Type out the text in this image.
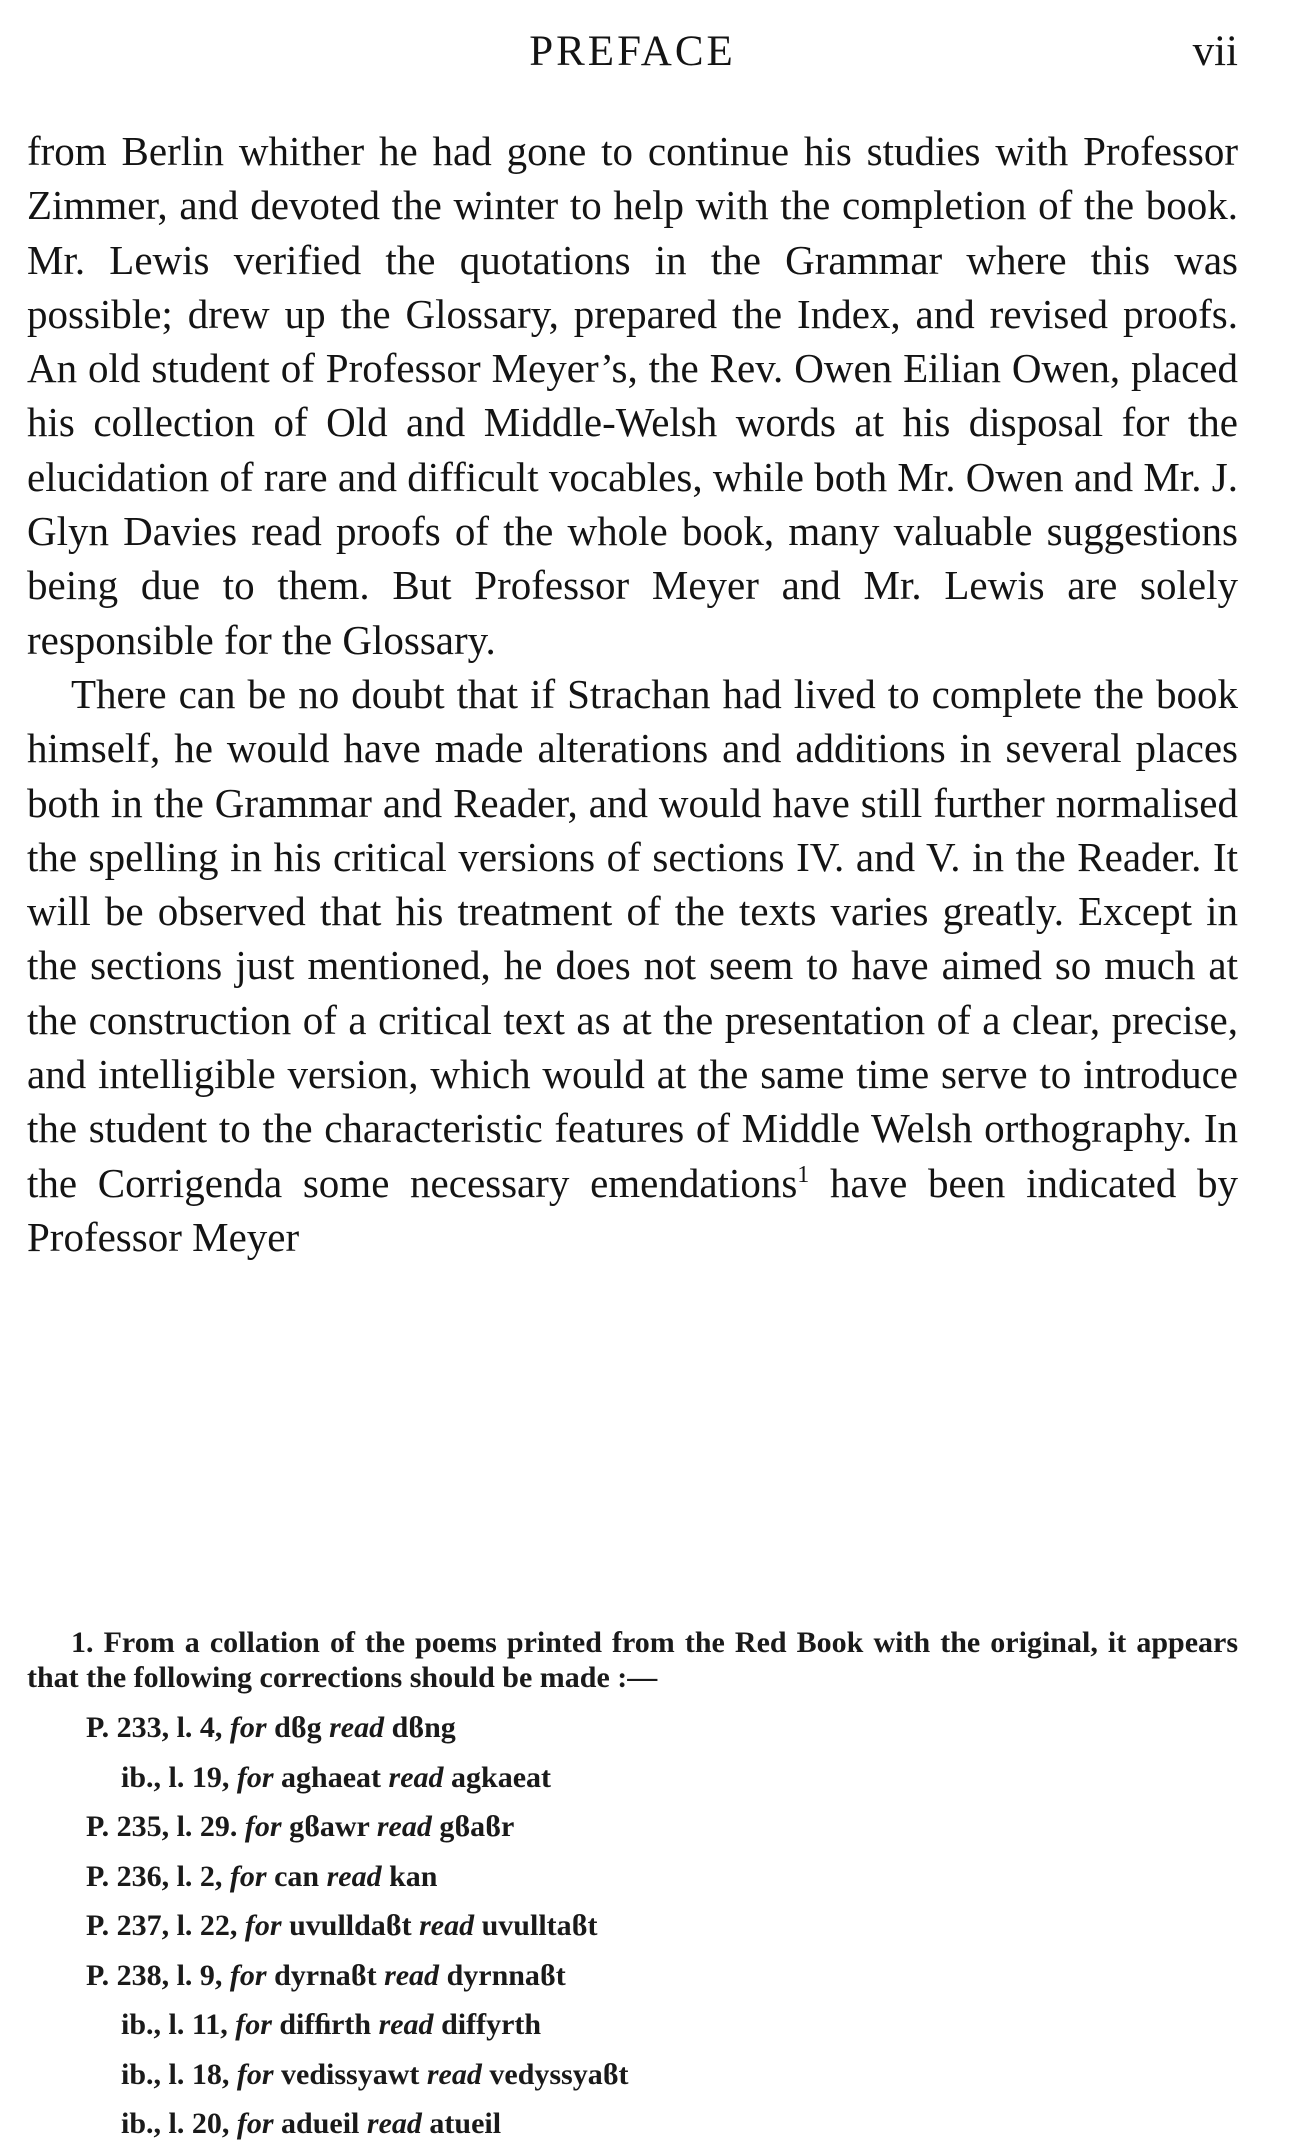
PREFACE	vii

from Berlin whither he had gone to continue his studies with Professor Zimmer, and devoted the winter to help with the completion of the book. Mr. Lewis verified the quotations in the Grammar where this was possible; drew up the Glossary, prepared the Index, and revised proofs. An old student of Professor Meyer’s, the Rev. Owen Eilian Owen, placed his collection of Old and Middle-Welsh words at his disposal for the elucidation of rare and difficult vocables, while both Mr. Owen and Mr. J. Glyn Davies read proofs of the whole book, many valuable suggestions being due to them. But Professor Meyer and Mr. Lewis are solely responsible for the Glossary.

There can be no doubt that if Strachan had lived to complete the book himself, he would have made alterations and additions in several places both in the Grammar and Reader, and would have still further normalised the spelling in his critical versions of sections IV. and V. in the Reader. It will be observed that his treatment of the texts varies greatly. Except in the sections just mentioned, he does not seem to have aimed so much at the construction of a critical text as at the presentation of a clear, precise, and intelligible version, which would at the same time serve to introduce the student to the characteristic features of Middle Welsh orthography. In the Corrigenda some necessary emendations$^1$ have been indicated by Professor Meyer

1. From a collation of the poems printed from the Red Book with the original, it appears that the following corrections should be made :—

P. 233, l. 4, for dϐg read dϐng
ib., l. 19, for aghaeat read agkaeat
P. 235, l. 29. for gϐawr read gϐaϐr
P. 236, l. 2, for can read kan
P. 237, l. 22, for uvulldaϐt read uvulltaϐt
P. 238, l. 9, for dyrnaϐt read dyrnnaϐt
ib., l. 11, for difﬁrth read diffyrth
ib., l. 18, for vedissyawt read vedyssyaϐt
ib., l. 20, for adueil read atueil
